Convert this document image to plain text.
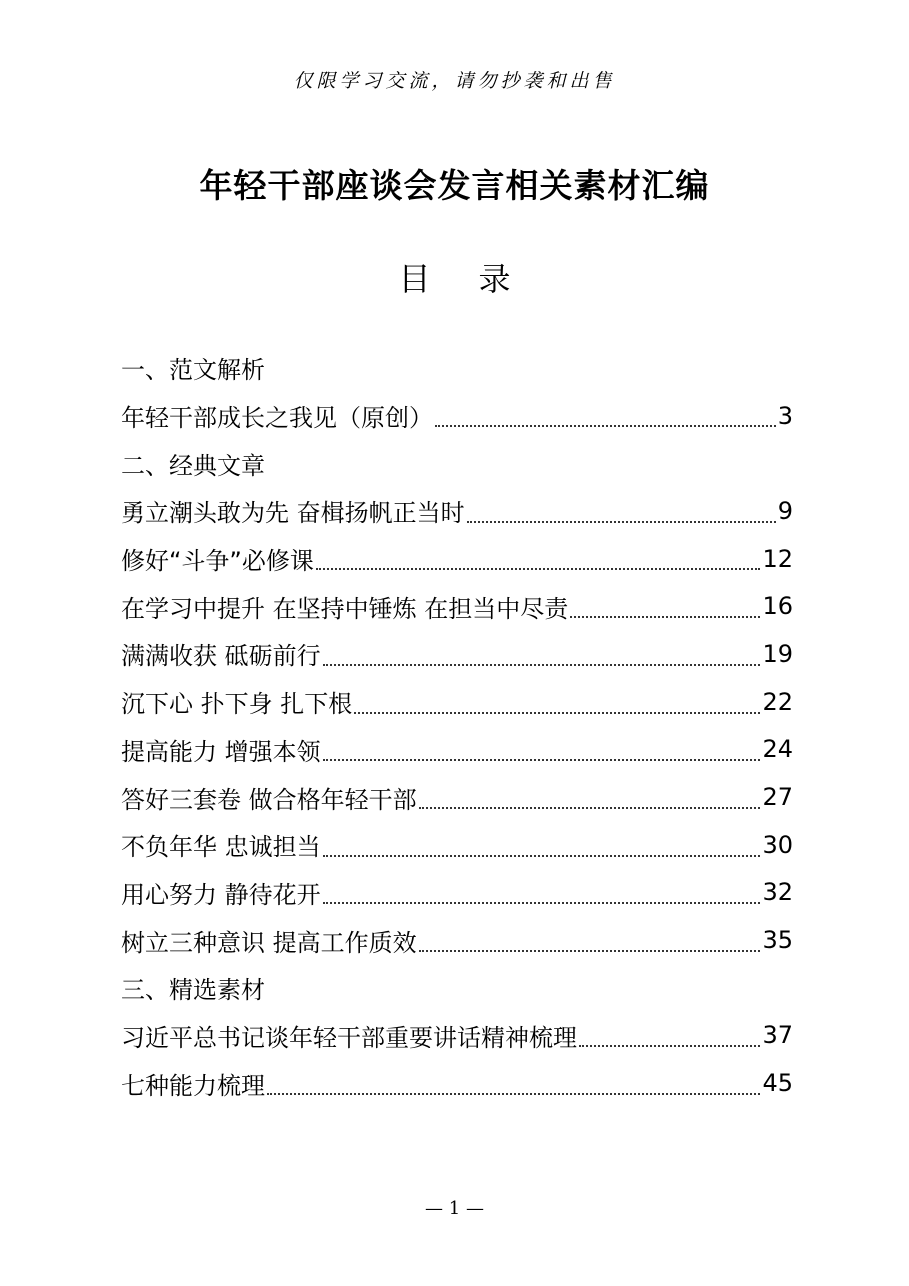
仅限学习交流，请勿抄袭和出售
年轻干部座谈会发言相关素材汇编
目录
一、范文解析
年轻干部成长之我见（原创）	3
二、经典文章
勇立潮头敢为先 奋楫扬帆正当时	9
修好“斗争”必修课	12
在学习中提升 在坚持中锤炼 在担当中尽责	16
满满收获 砥砺前行	19
沉下心 扑下身 扎下根	22
提高能力 增强本领	24
答好三套卷 做合格年轻干部	27
不负年华 忠诚担当	30
用心努力 静待花开	32
树立三种意识 提高工作质效	35
三、精选素材
习近平总书记谈年轻干部重要讲话精神梳理	37
七种能力梳理	45
— 1 —
